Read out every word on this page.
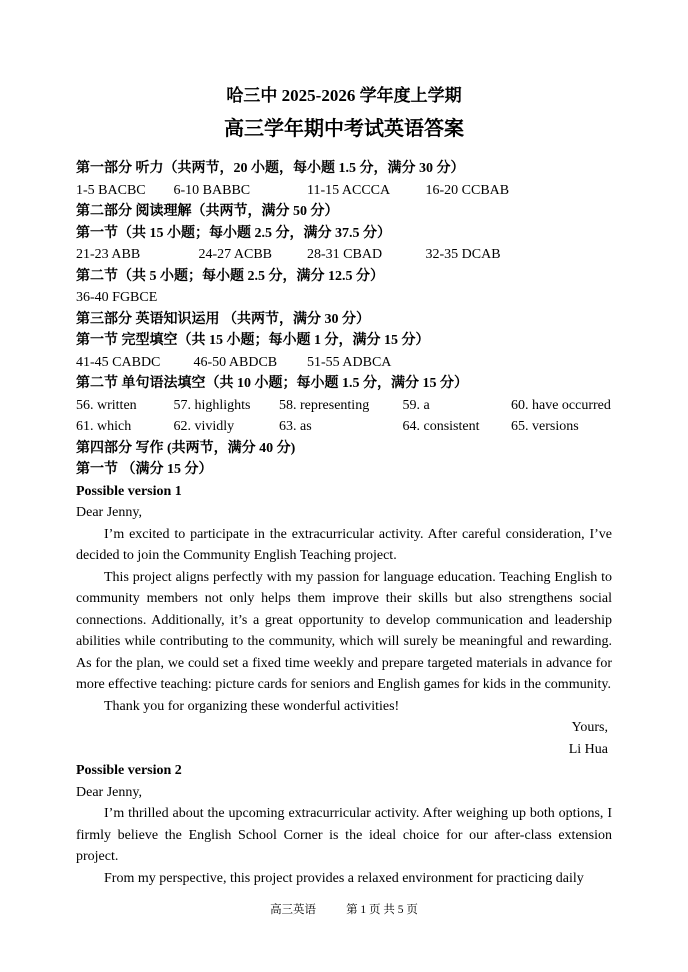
哈三中 2025-2026 学年度上学期

高三学年期中考试英语答案

第一部分 听力（共两节，20 小题，每小题 1.5 分，满分 30 分）

1-5 BACBC 6-10 BABBC	11-15 ACCCA	16-20 CCBAB

第二部分 阅读理解（共两节，满分 50 分）

第一节（共 15 小题；每小题 2.5 分，满分 37.5 分）

21-23 ABB	24-27 ACBB 28-31 CBAD	32-35 DCAB

第二节（共 5 小题；每小题 2.5 分，满分 12.5 分）

36-40 FGBCE

第三部分 英语知识运用 （共两节，满分 30 分）

第一节 完型填空（共 15 小题；每小题 1 分，满分 15 分）

41-45 CABDC 46-50 ABDCB 51-55 ADBCA

第二节 单句语法填空（共 10 小题；每小题 1.5 分，满分 15 分）

56. written	57. highlights 58. representing 59. a	60. have occurred

61. which	62. vividly	63. as	64. consistent 65. versions

第四部分 写作 (共两节，满分 40 分)

第一节 （满分 15 分）

Possible version 1

Dear Jenny,

I’m excited to participate in the extracurricular activity. After careful consideration, I’ve decided to join the Community English Teaching project.

This project aligns perfectly with my passion for language education. Teaching English to community members not only helps them improve their skills but also strengthens social connections. Additionally, it’s a great opportunity to develop communication and leadership abilities while contributing to the community, which will surely be meaningful and rewarding. As for the plan, we could set a fixed time weekly and prepare targeted materials in advance for more effective teaching: picture cards for seniors and English games for kids in the community.

Thank you for organizing these wonderful activities!

Yours,

Li Hua

Possible version 2

Dear Jenny,

I’m thrilled about the upcoming extracurricular activity. After weighing up both options, I firmly believe the English School Corner is the ideal choice for our after-class extension project.

From my perspective, this project provides a relaxed environment for practicing daily

高三英语	第 1 页 共 5 页
